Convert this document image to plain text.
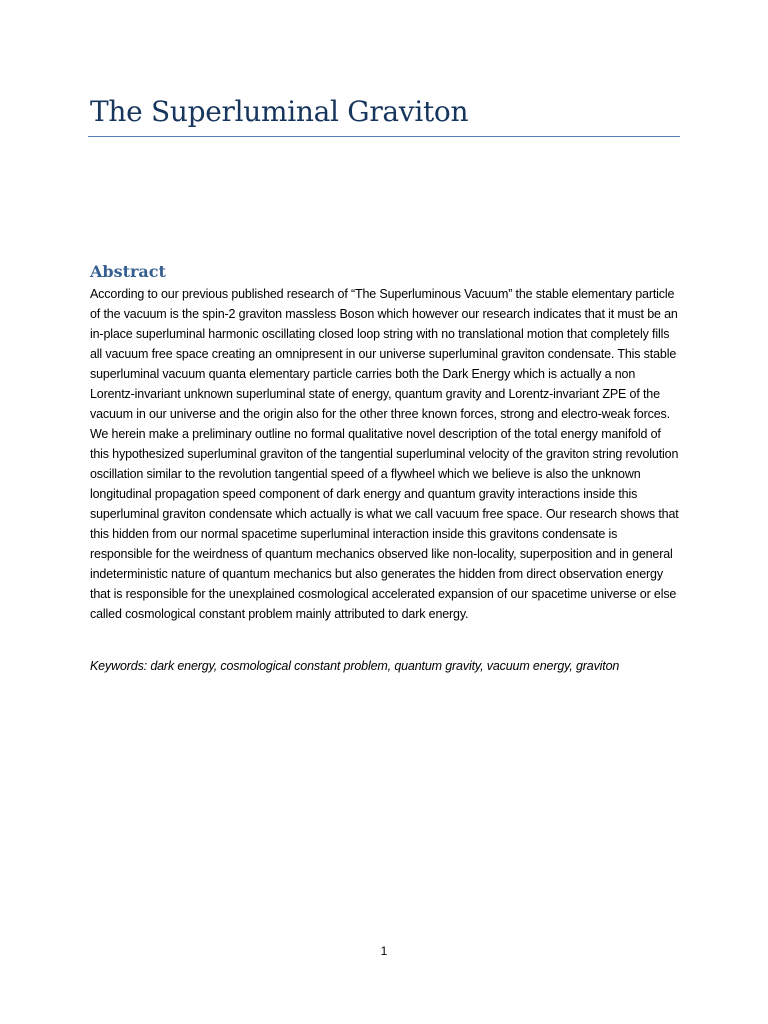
The Superluminal Graviton
Abstract

According to our previous published research of “The Superluminous Vacuum” the stable elementary particle of the vacuum is the spin-2 graviton massless Boson which however our research indicates that it must be an in-place superluminal harmonic oscillating closed loop string with no translational motion that completely fills all vacuum free space creating an omnipresent in our universe superluminal graviton condensate. This stable superluminal vacuum quanta elementary particle carries both the Dark Energy which is actually a non Lorentz-invariant unknown superluminal state of energy, quantum gravity and Lorentz-invariant ZPE of the vacuum in our universe and the origin also for the other three known forces, strong and electro-weak forces. We herein make a preliminary outline no formal qualitative novel description of the total energy manifold of this hypothesized superluminal graviton of the tangential superluminal velocity of the graviton string revolution oscillation similar to the revolution tangential speed of a flywheel which we believe is also the unknown longitudinal propagation speed component of dark energy and quantum gravity interactions inside this superluminal graviton condensate which actually is what we call vacuum free space. Our research shows that this hidden from our normal spacetime superluminal interaction inside this gravitons condensate is responsible for the weirdness of quantum mechanics observed like non-locality, superposition and in general indeterministic nature of quantum mechanics but also generates the hidden from direct observation energy that is responsible for the unexplained cosmological accelerated expansion of our spacetime universe or else called cosmological constant problem mainly attributed to dark energy.

Keywords: dark energy, cosmological constant problem, quantum gravity, vacuum energy, graviton

1
